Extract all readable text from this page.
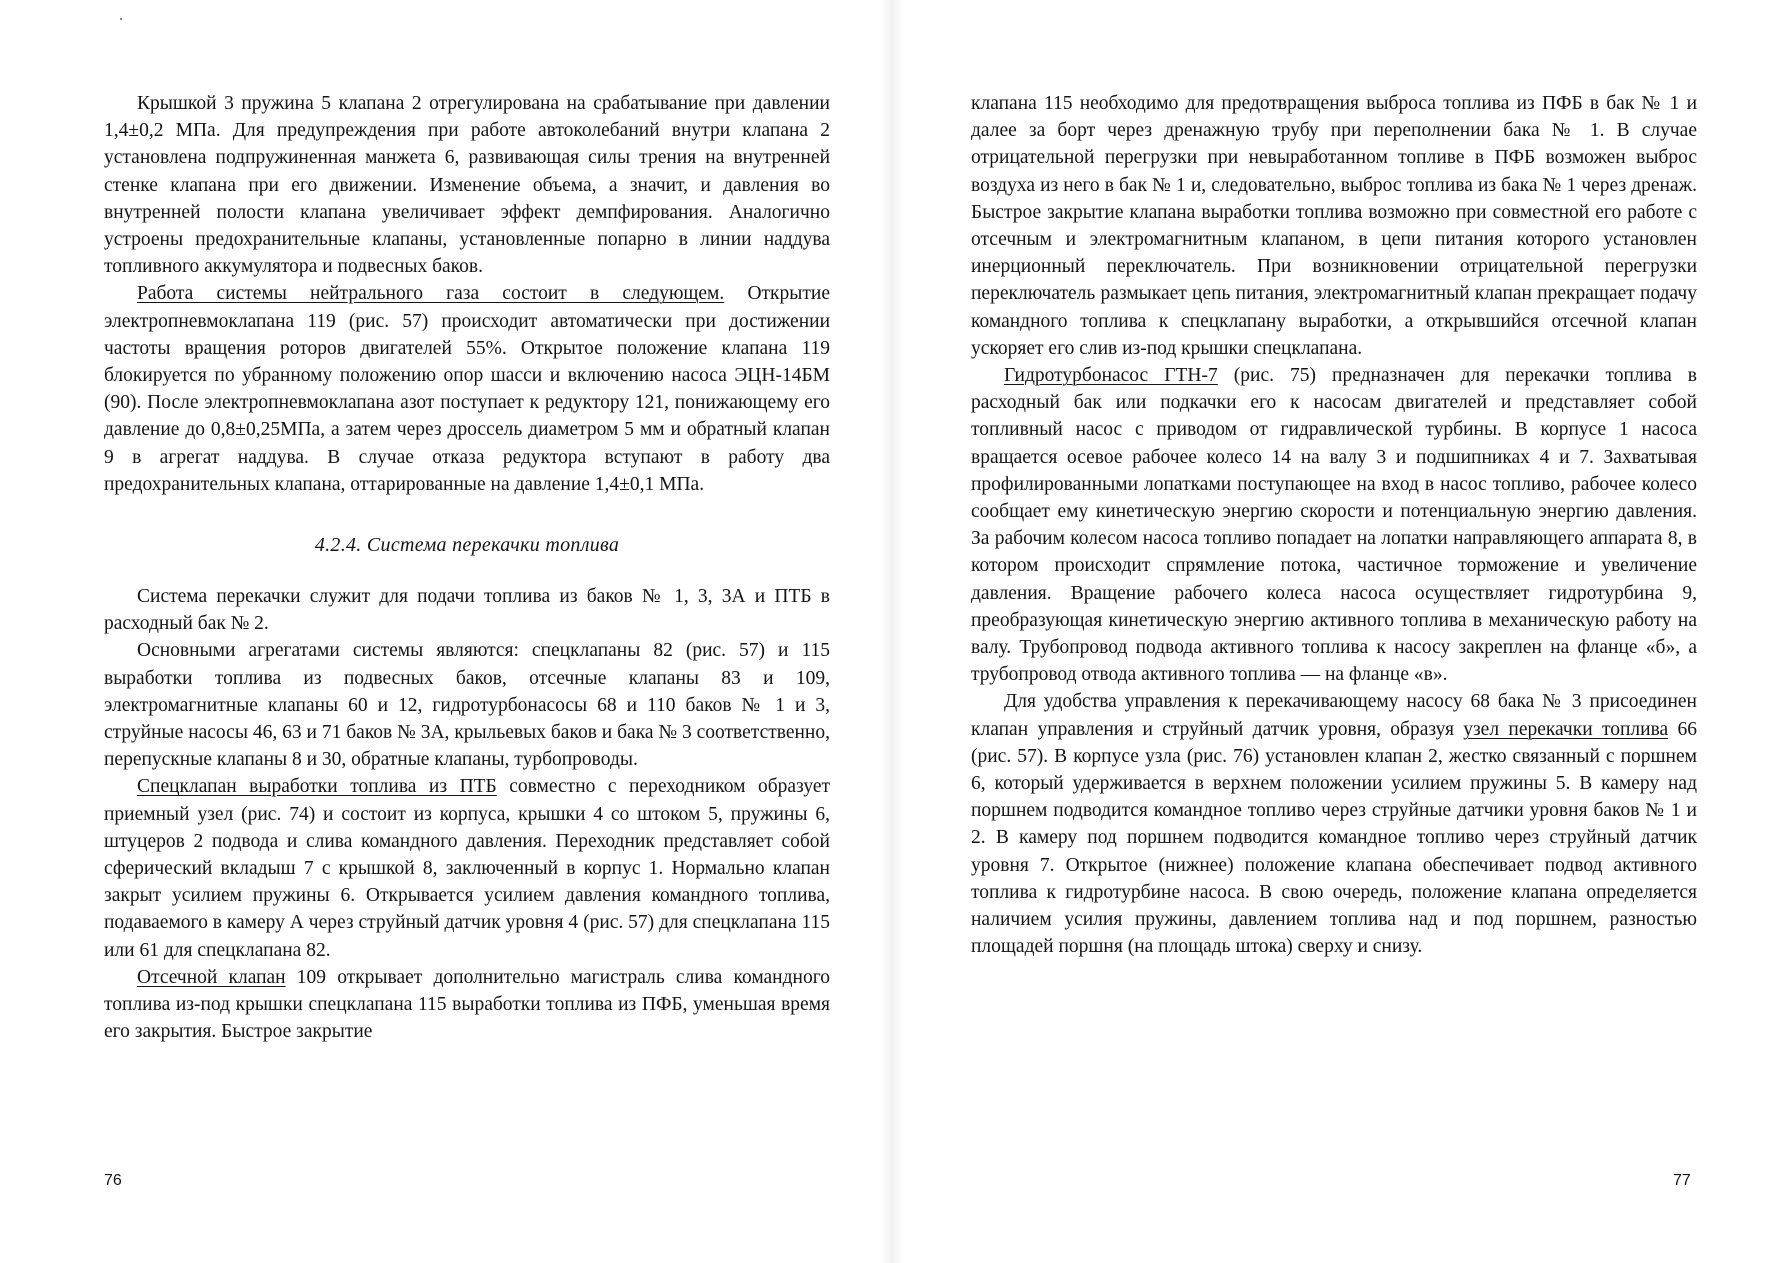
Крышкой 3 пружина 5 клапана 2 отрегулирована на срабатывание при давлении 1,4±0,2 МПа. Для предупреждения при работе автоколебаний внутри клапана 2 установлена подпружиненная манжета 6, развивающая силы трения на внутренней стенке клапана при его движении. Изменение объема, а значит, и давления во внутренней полости клапана увеличивает эффект демпфирования. Аналогично устроены предохранительные клапаны, установленные попарно в линии наддува топливного аккумулятора и подвесных баков.

Работа системы нейтрального газа состоит в следующем. Открытие электропневмоклапана 119 (рис. 57) происходит автоматически при достижении частоты вращения роторов двигателей 55%. Открытое положение клапана 119 блокируется по убранному положению опор шасси и включению насоса ЭЦН-14БМ (90). После электропневмоклапана азот поступает к редуктору 121, понижающему его давление до 0,8±0,25МПа, а затем через дроссель диаметром 5 мм и обратный клапан 9 в агрегат наддува. В случае отказа редуктора вступают в работу два предохранительных клапана, оттарированные на давление 1,4±0,1 МПа.

4.2.4. Система перекачки топлива

Система перекачки служит для подачи топлива из баков № 1, 3, 3А и ПТБ в расходный бак № 2.

Основными агрегатами системы являются: спецклапаны 82 (рис. 57) и 115 выработки топлива из подвесных баков, отсечные клапаны 83 и 109, электромагнитные клапаны 60 и 12, гидротурбонасосы 68 и 110 баков № 1 и 3, струйные насосы 46, 63 и 71 баков № 3А, крыльевых баков и бака № 3 соответственно, перепускные клапаны 8 и 30, обратные клапаны, турбопроводы.

Спецклапан выработки топлива из ПТБ совместно с переходником образует приемный узел (рис. 74) и состоит из корпуса, крышки 4 со штоком 5, пружины 6, штуцеров 2 подвода и слива командного давления. Переходник представляет собой сферический вкладыш 7 с крышкой 8, заключенный в корпус 1. Нормально клапан закрыт усилием пружины 6. Открывается усилием давления командного топлива, подаваемого в камеру А через струйный датчик уровня 4 (рис. 57) для спецклапана 115 или 61 для спецклапана 82.

Отсечной клапан 109 открывает дополнительно магистраль слива командного топлива из-под крышки спецклапана 115 выработки топлива из ПФБ, уменьшая время его закрытия. Быстрое закрытие

76

клапана 115 необходимо для предотвращения выброса топлива из ПФБ в бак № 1 и далее за борт через дренажную трубу при переполнении бака № 1. В случае отрицательной перегрузки при невыработанном топливе в ПФБ возможен выброс воздуха из него в бак № 1 и, следовательно, выброс топлива из бака № 1 через дренаж. Быстрое закрытие клапана выработки топлива возможно при совместной его работе с отсечным и электромагнитным клапаном, в цепи питания которого установлен инерционный переключатель. При возникновении отрицательной перегрузки переключатель размыкает цепь питания, электромагнитный клапан прекращает подачу командного топлива к спецклапану выработки, а открывшийся отсечной клапан ускоряет его слив из-под крышки спецклапана.

Гидротурбонасос ГТН-7 (рис. 75) предназначен для перекачки топлива в расходный бак или подкачки его к насосам двигателей и представляет собой топливный насос с приводом от гидравлической турбины. В корпусе 1 насоса вращается осевое рабочее колесо 14 на валу 3 и подшипниках 4 и 7. Захватывая профилированными лопатками поступающее на вход в насос топливо, рабочее колесо сообщает ему кинетическую энергию скорости и потенциальную энергию давления. За рабочим колесом насоса топливо попадает на лопатки направляющего аппарата 8, в котором происходит спрямление потока, частичное торможение и увеличение давления. Вращение рабочего колеса насоса осуществляет гидротурбина 9, преобразующая кинетическую энергию активного топлива в механическую работу на валу. Трубопровод подвода активного топлива к насосу закреплен на фланце «б», а трубопровод отвода активного топлива — на фланце «в».

Для удобства управления к перекачивающему насосу 68 бака № 3 присоединен клапан управления и струйный датчик уровня, образуя узел перекачки топлива 66 (рис. 57). В корпусе узла (рис. 76) установлен клапан 2, жестко связанный с поршнем 6, который удерживается в верхнем положении усилием пружины 5. В камеру над поршнем подводится командное топливо через струйные датчики уровня баков № 1 и 2. В камеру под поршнем подводится командное топливо через струйный датчик уровня 7. Открытое (нижнее) положение клапана обеспечивает подвод активного топлива к гидротурбине насоса. В свою очередь, положение клапана определяется наличием усилия пружины, давлением топлива над и под поршнем, разностью площадей поршня (на площадь штока) сверху и снизу.

77
